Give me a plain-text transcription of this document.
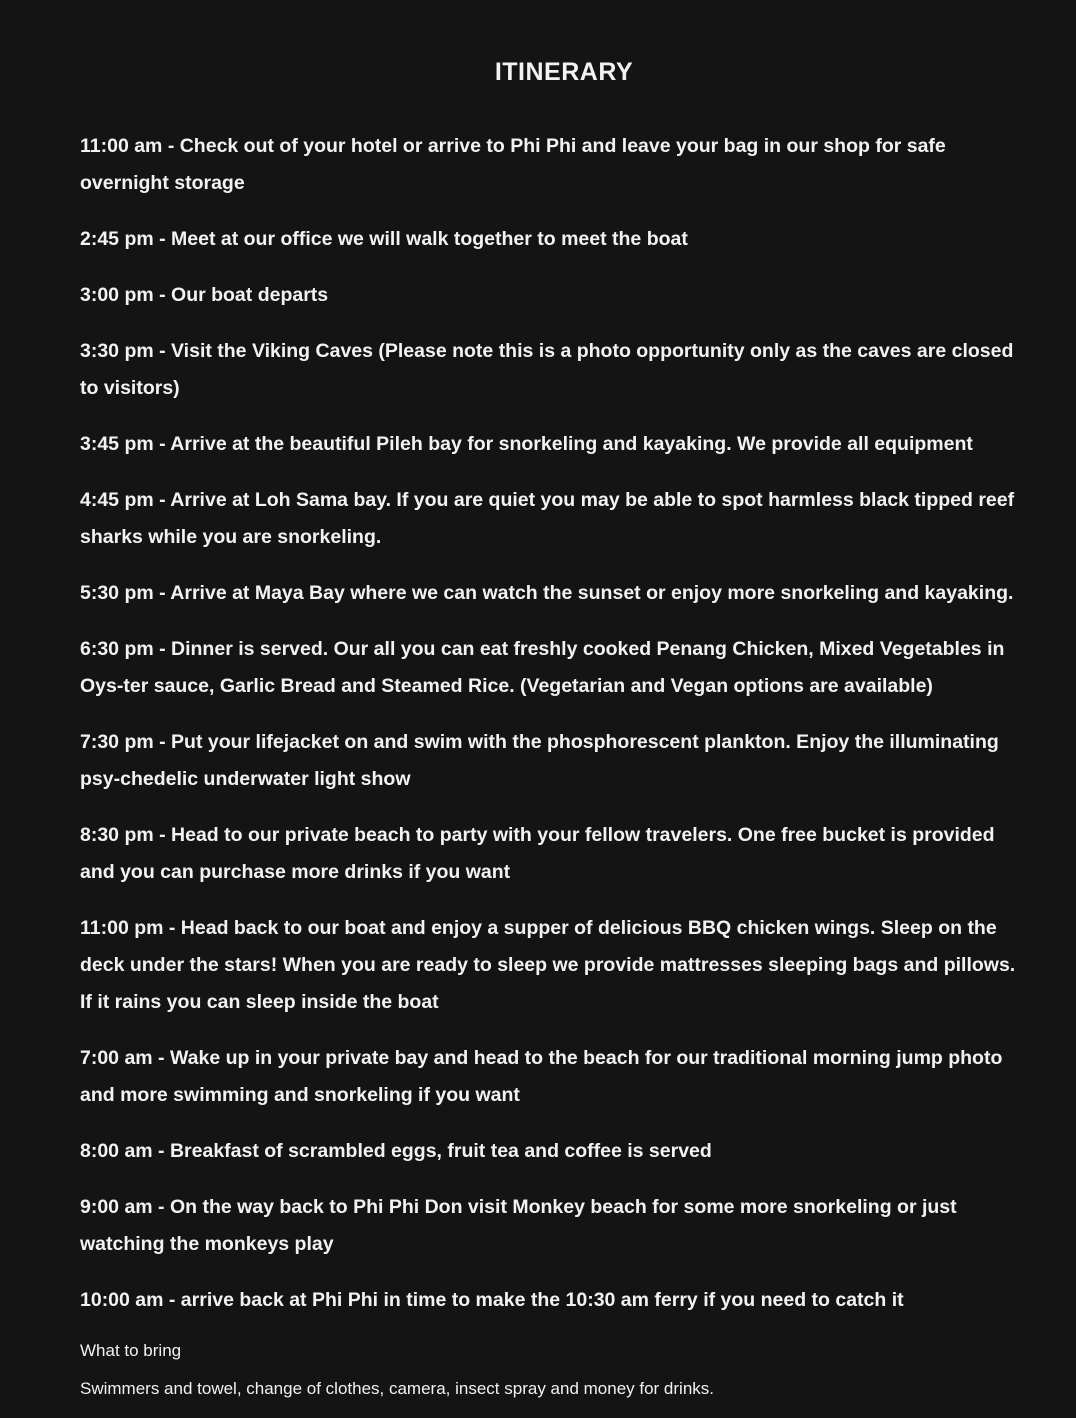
ITINERARY

11:00 am - Check out of your hotel or arrive to Phi Phi and leave your bag in our shop for safe overnight storage

2:45 pm - Meet at our office we will walk together to meet the boat

3:00 pm - Our boat departs

3:30 pm - Visit the Viking Caves (Please note this is a photo opportunity only as the caves are closed to visitors)

3:45 pm - Arrive at the beautiful Pileh bay for snorkeling and kayaking. We provide all equipment

4:45 pm - Arrive at Loh Sama bay. If you are quiet you may be able to spot harmless black tipped reef sharks while you are snorkeling.

5:30 pm - Arrive at Maya Bay where we can watch the sunset or enjoy more snorkeling and kayaking.

6:30 pm - Dinner is served. Our all you can eat freshly cooked Penang Chicken, Mixed Vegetables in Oys-ter sauce, Garlic Bread and Steamed Rice. (Vegetarian and Vegan options are available)

7:30 pm - Put your lifejacket on and swim with the phosphorescent plankton. Enjoy the illuminating psy-chedelic underwater light show

8:30 pm - Head to our private beach to party with your fellow travelers. One free bucket is provided and you can purchase more drinks if you want

11:00 pm - Head back to our boat and enjoy a supper of delicious BBQ chicken wings. Sleep on the deck under the stars! When you are ready to sleep we provide mattresses sleeping bags and pillows. If it rains you can sleep inside the boat

7:00 am - Wake up in your private bay and head to the beach for our traditional morning jump photo and more swimming and snorkeling if you want

8:00 am - Breakfast of scrambled eggs, fruit tea and coffee is served

9:00 am - On the way back to Phi Phi Don visit Monkey beach for some more snorkeling or just watching the monkeys play

10:00 am - arrive back at Phi Phi in time to make the 10:30 am ferry if you need to catch it

What to bring
Swimmers and towel, change of clothes, camera, insect spray and money for drinks.
